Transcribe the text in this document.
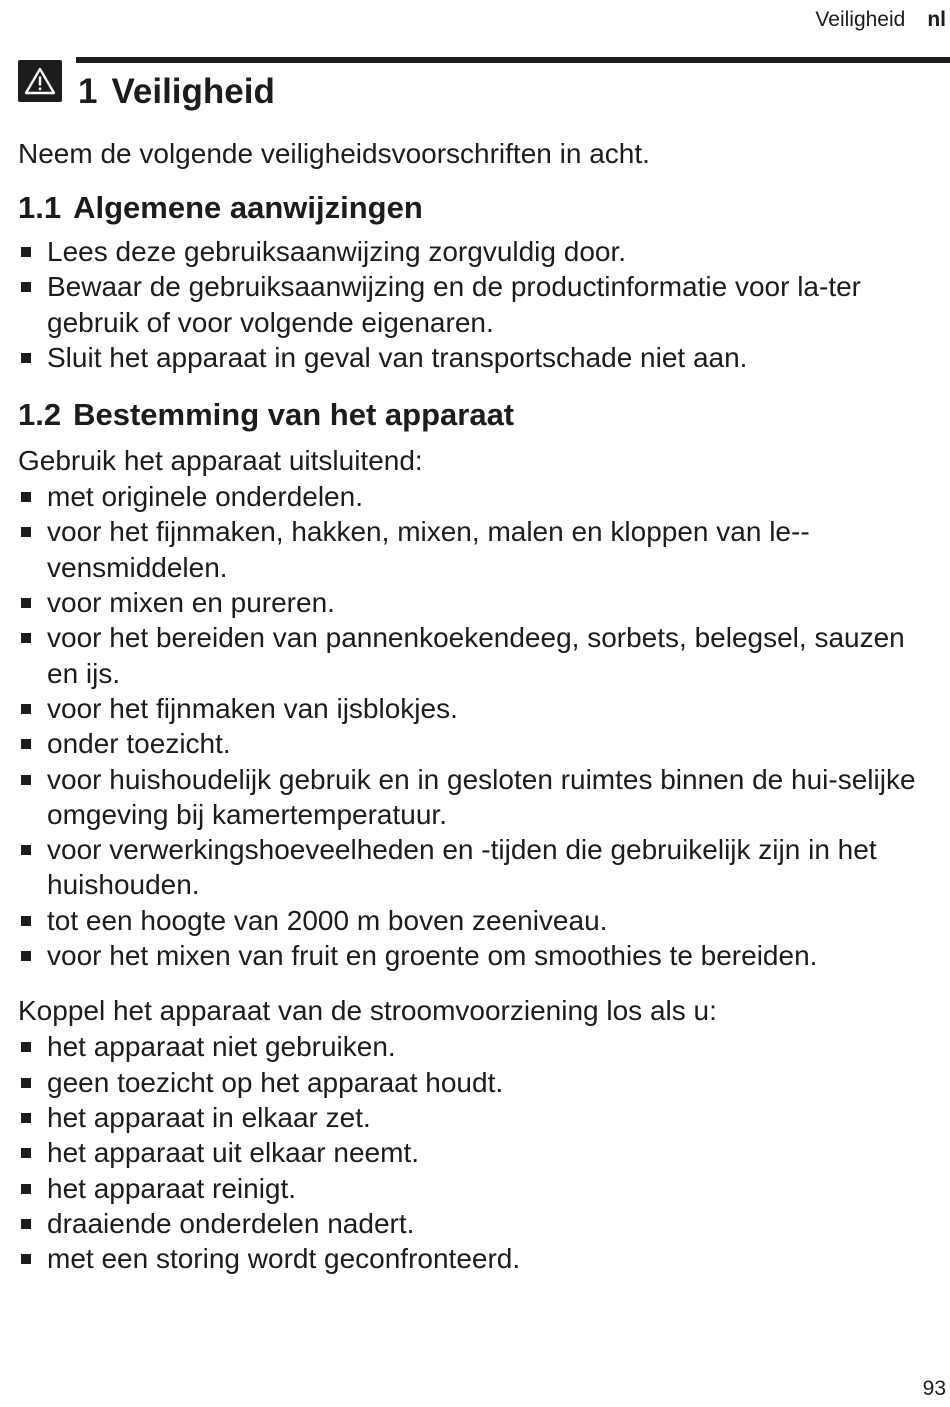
Veiligheid nl
1 Veiligheid

Neem de volgende veiligheidsvoorschriften in acht.

1.1 Algemene aanwijzingen
Lees deze gebruiksaanwijzing zorgvuldig door.
Bewaar de gebruiksaanwijzing en de productinformatie voor la-ter gebruik of voor volgende eigenaren.
Sluit het apparaat in geval van transportschade niet aan.
1.2 Bestemming van het apparaat

Gebruik het apparaat uitsluitend:

met originele onderdelen.
voor het fijnmaken, hakken, mixen, malen en kloppen van le-vensmiddelen.
voor mixen en pureren.
voor het bereiden van pannenkoekendeeg, sorbets, belegsel, sauzen en ijs.
voor het fijnmaken van ijsblokjes.
onder toezicht.
voor huishoudelijk gebruik en in gesloten ruimtes binnen de hui-selijke omgeving bij kamertemperatuur.
voor verwerkingshoeveelheden en -tijden die gebruikelijk zijn in het huishouden.
tot een hoogte van 2000 m boven zeeniveau.
voor het mixen van fruit en groente om smoothies te bereiden.

Koppel het apparaat van de stroomvoorziening los als u:

het apparaat niet gebruiken.
geen toezicht op het apparaat houdt.
het apparaat in elkaar zet.
het apparaat uit elkaar neemt.
het apparaat reinigt.
draaiende onderdelen nadert.
met een storing wordt geconfronteerd.
93
